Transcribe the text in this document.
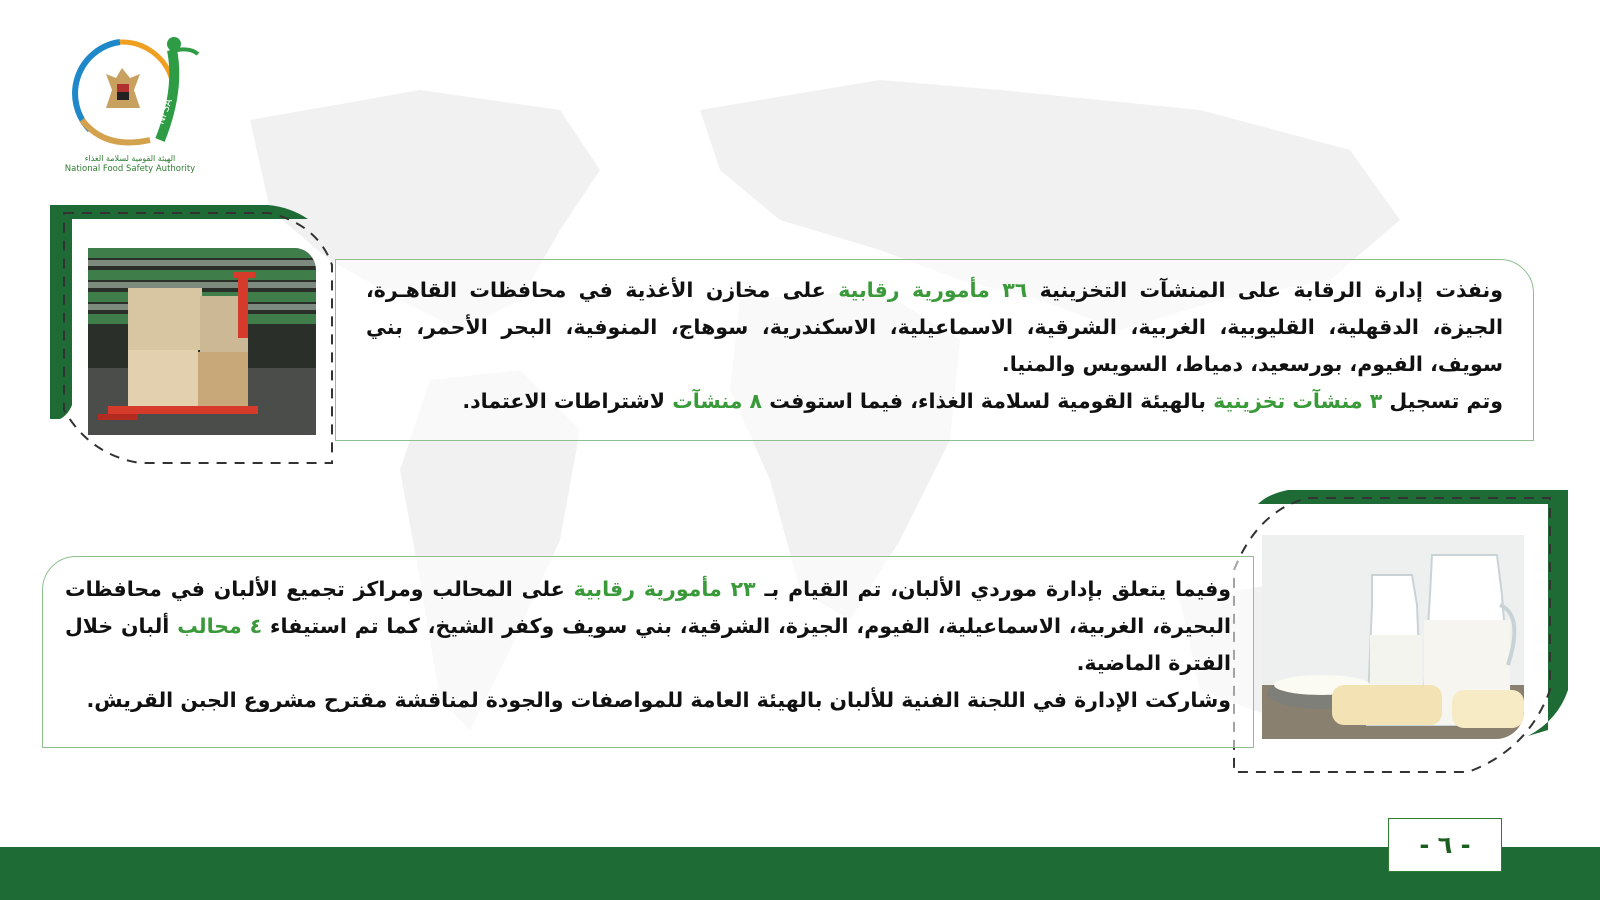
NFSA
الهيئة القومية لسلامة الغذاء
National Food Safety Authority

ونفذت إدارة الرقابة على المنشآت التخزينية ٣٦ مأمورية رقابية على مخازن الأغذية في محافظات القاهـرة، الجيزة، الدقهلية، القليوبية، الغربية، الشرقية، الاسماعيلية، الاسكندرية، سوهاج، المنوفية، البحر الأحمر، بني سويف، الفيوم، بورسعيد، دمياط، السويس والمنيا.

وتم تسجيل ٣ منشآت تخزينية بالهيئة القومية لسلامة الغذاء، فيما استوفت ٨ منشآت لاشتراطات الاعتماد.

وفيما يتعلق بإدارة موردي الألبان، تم القيام بـ ٢٣ مأمورية رقابية على المحالب ومراكز تجميع الألبان في محافظات البحيرة، الغربية، الاسماعيلية، الفيوم، الجيزة، الشرقية، بني سويف وكفر الشيخ، كما تم استيفاء ٤ محالب ألبان خلال الفترة الماضية.

وشاركت الإدارة في اللجنة الفنية للألبان بالهيئة العامة للمواصفات والجودة لمناقشة مقترح مشروع الجبن القريش.

- ٦ -
